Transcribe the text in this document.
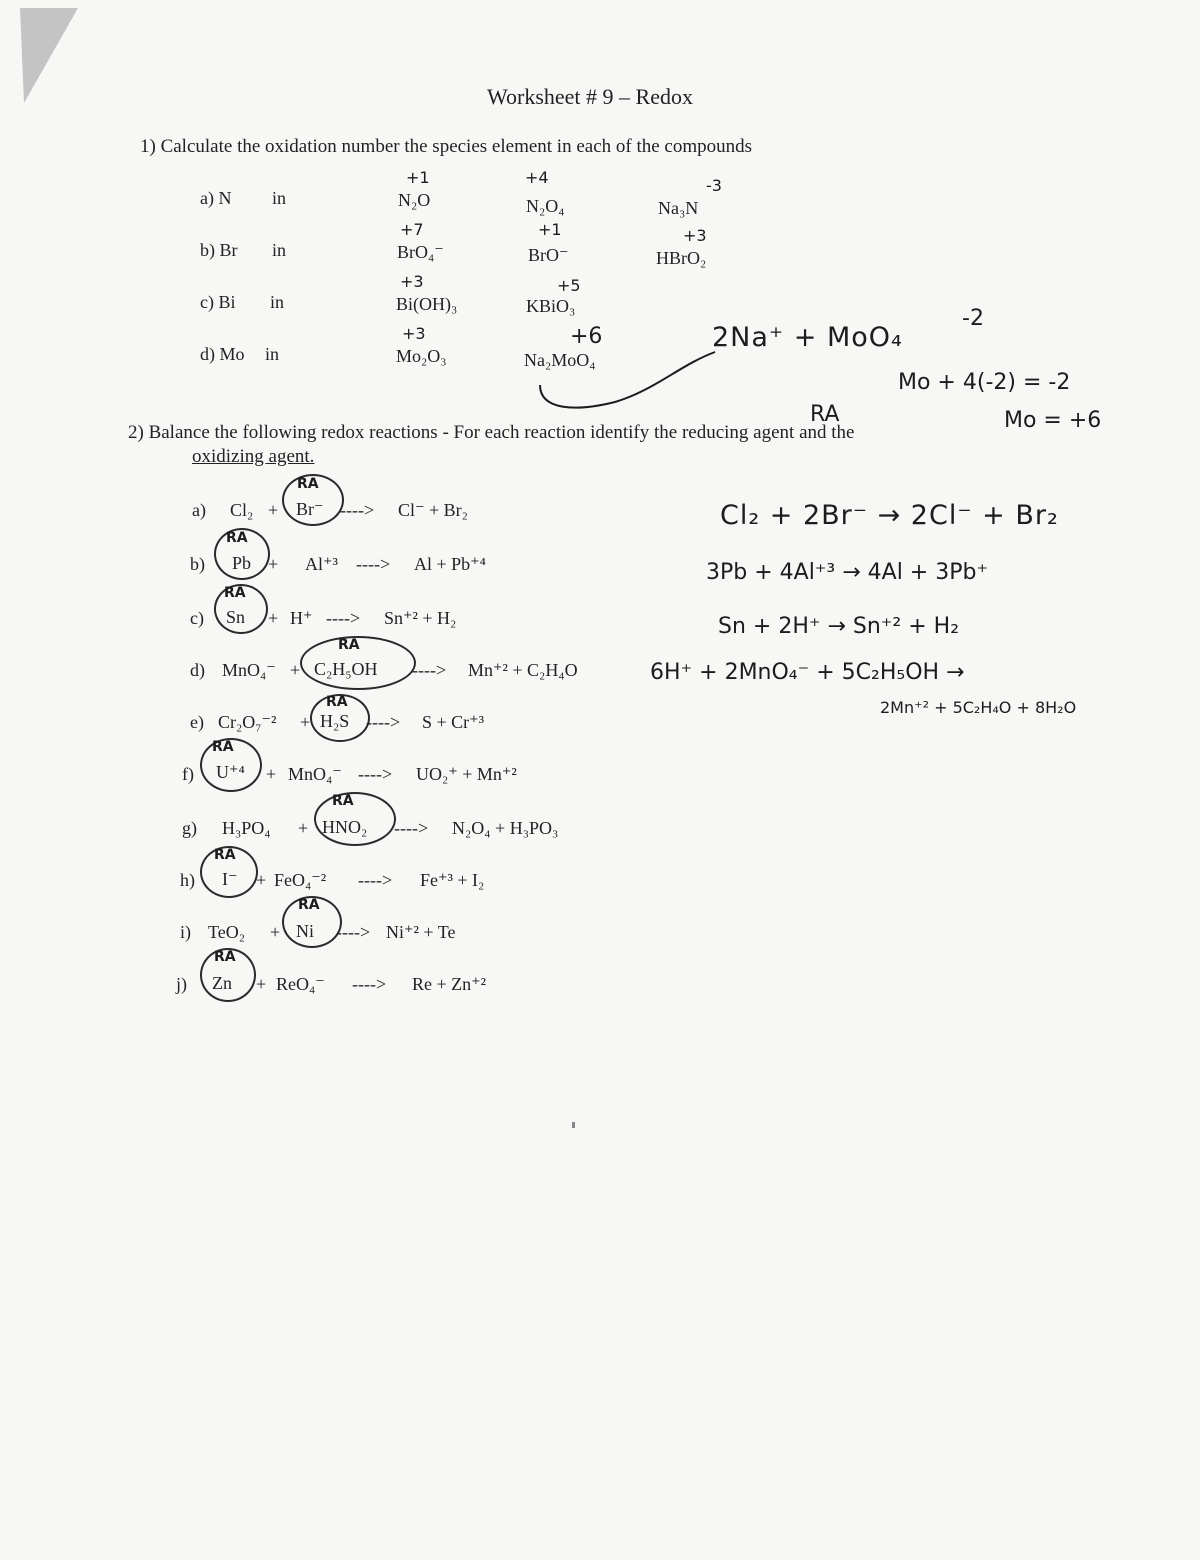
Worksheet # 9 – Redox
1) Calculate the oxidation number the species element in each of the compounds
a) N in
+1
N₂O
+4
N₂O₄
-3
Na₃N
b) Br in
+7
BrO₄⁻
+1
BrO⁻
+3
HBrO₂
c) Bi in
+3
Bi(OH)₃
+5
KBiO₃
d) Mo in
+3
Mo₂O₃
+6
Na₂MoO₄
2Na⁺ + MoO₄
-2
Mo + 4(-2) = -2
RA	Mo = +6
2) Balance the following redox reactions - For each reaction identify the reducing agent and the
oxidizing agent.
a) Cl₂ +
RA
Br⁻ ----> Cl⁻ + Br₂
b)
RA
Pb + Al⁺³ ----> Al + Pb⁺⁴
c)
RA
Sn + H⁺ ----> Sn⁺² + H₂
d) MnO₄⁻ +
RA
C₂H₅OH ----> Mn⁺² + C₂H₄O
e) Cr₂O₇⁻² +
RA
H₂S ----> S + Cr⁺³
f)
RA
U⁺⁴ + MnO₄⁻ ----> UO₂⁺ + Mn⁺²
g) H₃PO₄ +
RA
HNO₂ ----> N₂O₄ + H₃PO₃
h)
RA
I⁻ + FeO₄⁻² ----> Fe⁺³ + I₂
i) TeO₂ +
RA
Ni ----> Ni⁺² + Te
j)
RA
Zn + ReO₄⁻ ----> Re + Zn⁺²
Cl₂ + 2Br⁻ → 2Cl⁻ + Br₂
3Pb + 4Al⁺³ → 4Al + 3Pb⁺
Sn + 2H⁺ → Sn⁺² + H₂
6H⁺ + 2MnO₄⁻ + 5C₂H₅OH →
2Mn⁺² + 5C₂H₄O + 8H₂O
